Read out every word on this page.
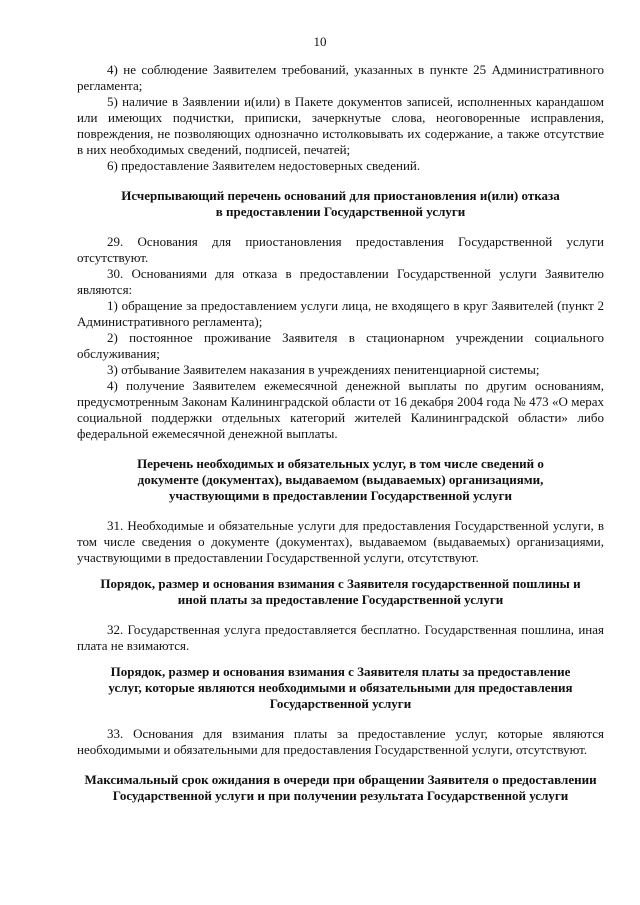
10

4) не соблюдение Заявителем требований, указанных в пункте 25 Административного регламента;

5) наличие в Заявлении и(или) в Пакете документов записей, исполненных карандашом или имеющих подчистки, приписки, зачеркнутые слова, неоговоренные исправления, повреждения, не позволяющих однозначно истолковывать их содержание, а также отсутствие в них необходимых сведений, подписей, печатей;

6) предоставление Заявителем недостоверных сведений.

Исчерпывающий перечень оснований для приостановления и(или) отказа в предоставлении Государственной услуги

29. Основания для приостановления предоставления Государственной услуги отсутствуют.

30. Основаниями для отказа в предоставлении Государственной услуги Заявителю являются:

1) обращение за предоставлением услуги лица, не входящего в круг Заявителей (пункт 2 Административного регламента);

2) постоянное проживание Заявителя в стационарном учреждении социального обслуживания;

3) отбывание Заявителем наказания в учреждениях пенитенциарной системы;

4) получение Заявителем ежемесячной денежной выплаты по другим основаниям, предусмотренным Законам Калининградской области от 16 декабря 2004 года № 473 «О мерах социальной поддержки отдельных категорий жителей Калининградской области» либо федеральной ежемесячной денежной выплаты.

Перечень необходимых и обязательных услуг, в том числе сведений о документе (документах), выдаваемом (выдаваемых) организациями, участвующими в предоставлении Государственной услуги

31. Необходимые и обязательные услуги для предоставления Государственной услуги, в том числе сведения о документе (документах), выдаваемом (выдаваемых) организациями, участвующими в предоставлении Государственной услуги, отсутствуют.

Порядок, размер и основания взимания с Заявителя государственной пошлины и иной платы за предоставление Государственной услуги

32. Государственная услуга предоставляется бесплатно. Государственная пошлина, иная плата не взимаются.

Порядок, размер и основания взимания с Заявителя платы за предоставление услуг, которые являются необходимыми и обязательными для предоставления Государственной услуги

33. Основания для взимания платы за предоставление услуг, которые являются необходимыми и обязательными для предоставления Государственной услуги, отсутствуют.

Максимальный срок ожидания в очереди при обращении Заявителя о предоставлении Государственной услуги и при получении результата Государственной услуги
